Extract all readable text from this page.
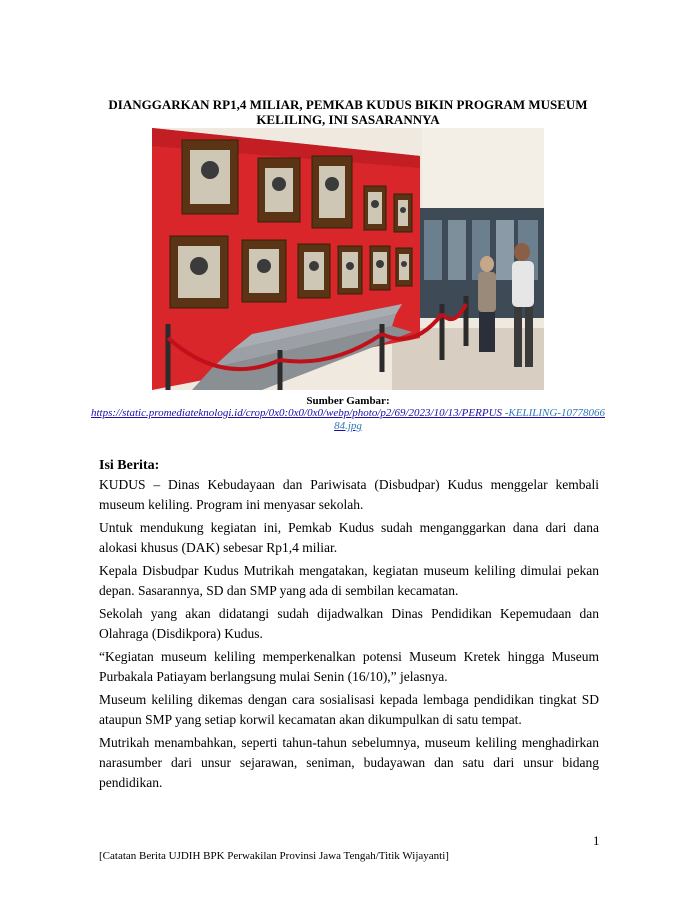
DIANGGARKAN RP1,4 MILIAR, PEMKAB KUDUS BIKIN PROGRAM MUSEUM KELILING, INI SASARANNYA

Sumber Gambar:

https://static.promediateknologi.id/crop/0x0:0x0/0x0/webp/photo/p2/69/2023/10/13/PERPUS -KELILING-1077806684.jpg

Isi Berita:

KUDUS – Dinas Kebudayaan dan Pariwisata (Disbudpar) Kudus menggelar kembali museum keliling. Program ini menyasar sekolah.

Untuk mendukung kegiatan ini, Pemkab Kudus sudah menganggarkan dana dari dana alokasi khusus (DAK) sebesar Rp1,4 miliar.

Kepala Disbudpar Kudus Mutrikah mengatakan, kegiatan museum keliling dimulai pekan depan. Sasarannya, SD dan SMP yang ada di sembilan kecamatan.

Sekolah yang akan didatangi sudah dijadwalkan Dinas Pendidikan Kepemudaan dan Olahraga (Disdikpora) Kudus.

“Kegiatan museum keliling memperkenalkan potensi Museum Kretek hingga Museum Purbakala Patiayam berlangsung mulai Senin (16/10),” jelasnya.

Museum keliling dikemas dengan cara sosialisasi kepada lembaga pendidikan tingkat SD ataupun SMP yang setiap korwil kecamatan akan dikumpulkan di satu tempat.

Mutrikah menambahkan, seperti tahun-tahun sebelumnya, museum keliling menghadirkan narasumber dari unsur sejarawan, seniman, budayawan dan satu dari unsur bidang pendidikan.

1

[Catatan Berita UJDIH BPK Perwakilan Provinsi Jawa Tengah/Titik Wijayanti]
